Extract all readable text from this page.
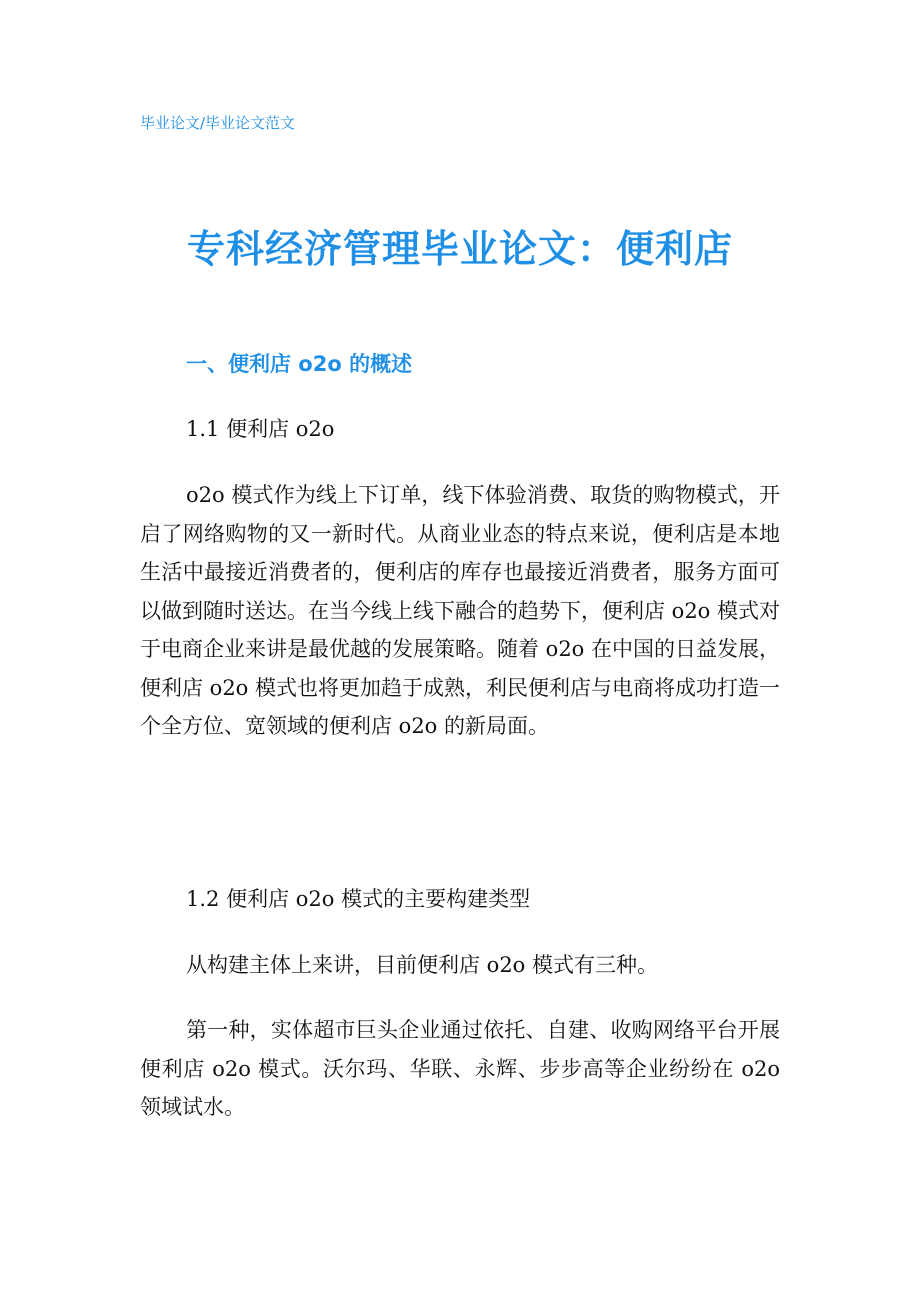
毕业论文/毕业论文范文
专科经济管理毕业论文：便利店
一、便利店 o2o 的概述
1.1 便利店 o2o

o2o 模式作为线上下订单，线下体验消费、取货的购物模式，开启了网络购物的又一新时代。从商业业态的特点来说，便利店是本地生活中最接近消费者的，便利店的库存也最接近消费者，服务方面可以做到随时送达。在当今线上线下融合的趋势下，便利店 o2o 模式对于电商企业来讲是最优越的发展策略。随着 o2o 在中国的日益发展，便利店 o2o 模式也将更加趋于成熟，利民便利店与电商将成功打造一个全方位、宽领域的便利店 o2o 的新局面。

1.2 便利店 o2o 模式的主要构建类型

从构建主体上来讲，目前便利店 o2o 模式有三种。

第一种，实体超市巨头企业通过依托、自建、收购网络平台开展便利店 o2o 模式。沃尔玛、华联、永辉、步步高等企业纷纷在 o2o 领域试水。
